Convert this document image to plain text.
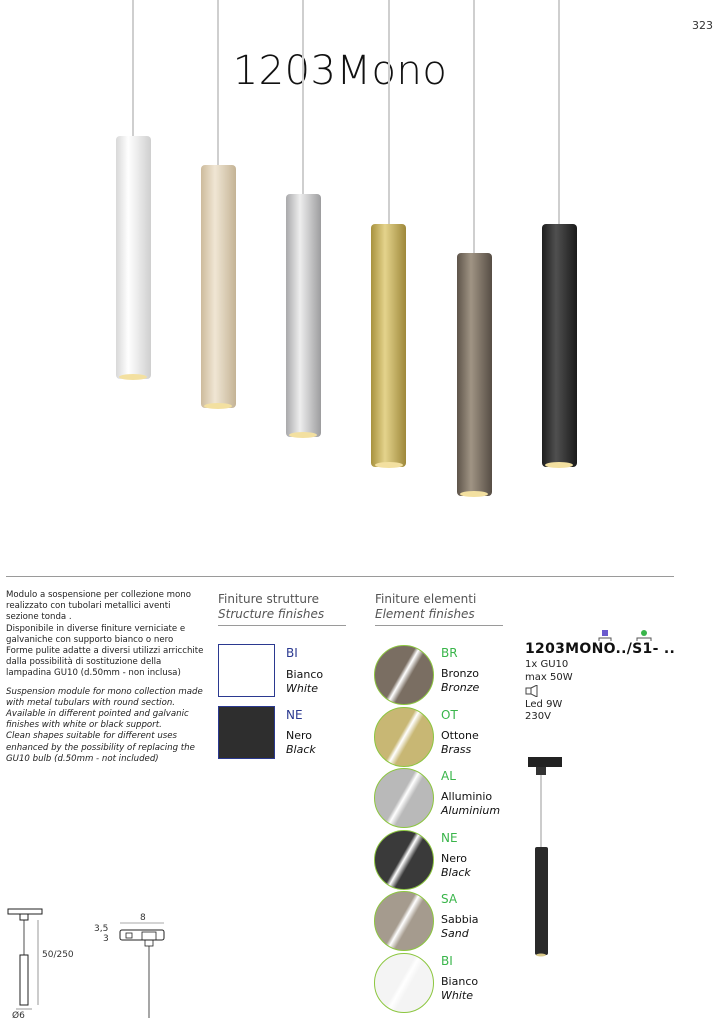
323
1203Mono

Modulo a sospensione per collezione mono
realizzato con tubolari metallici aventi
sezione tonda .
Disponibile in diverse finiture verniciate e
galvaniche con supporto bianco o nero
Forme pulite adatte a diversi utilizzi arricchite
dalla possibilità di sostituzione della
lampadina GU10 (d.50mm - non inclusa)

Suspension module for mono collection made
with metal tubulars with round section.
Available in different pointed and galvanic
finishes with white or black support.
Clean shapes suitable for different uses
enhanced by the possibility of replacing the
GU10 bulb (d.50mm - not included)

Finiture strutture
Structure finishes
BI
Bianco
White
NE
Nero
Black
Finiture elementi
Element finishes
BR
Bronzo
Bronze
OT
Ottone
Brass
AL
Alluminio
Aluminium
NE
Nero
Black
SA
Sabbia
Sand
BI
Bianco
White
1203MONO../S1- ..
1x GU10
max 50W
Led 9W
230V
50/250
Ø6
8
3,5
3
